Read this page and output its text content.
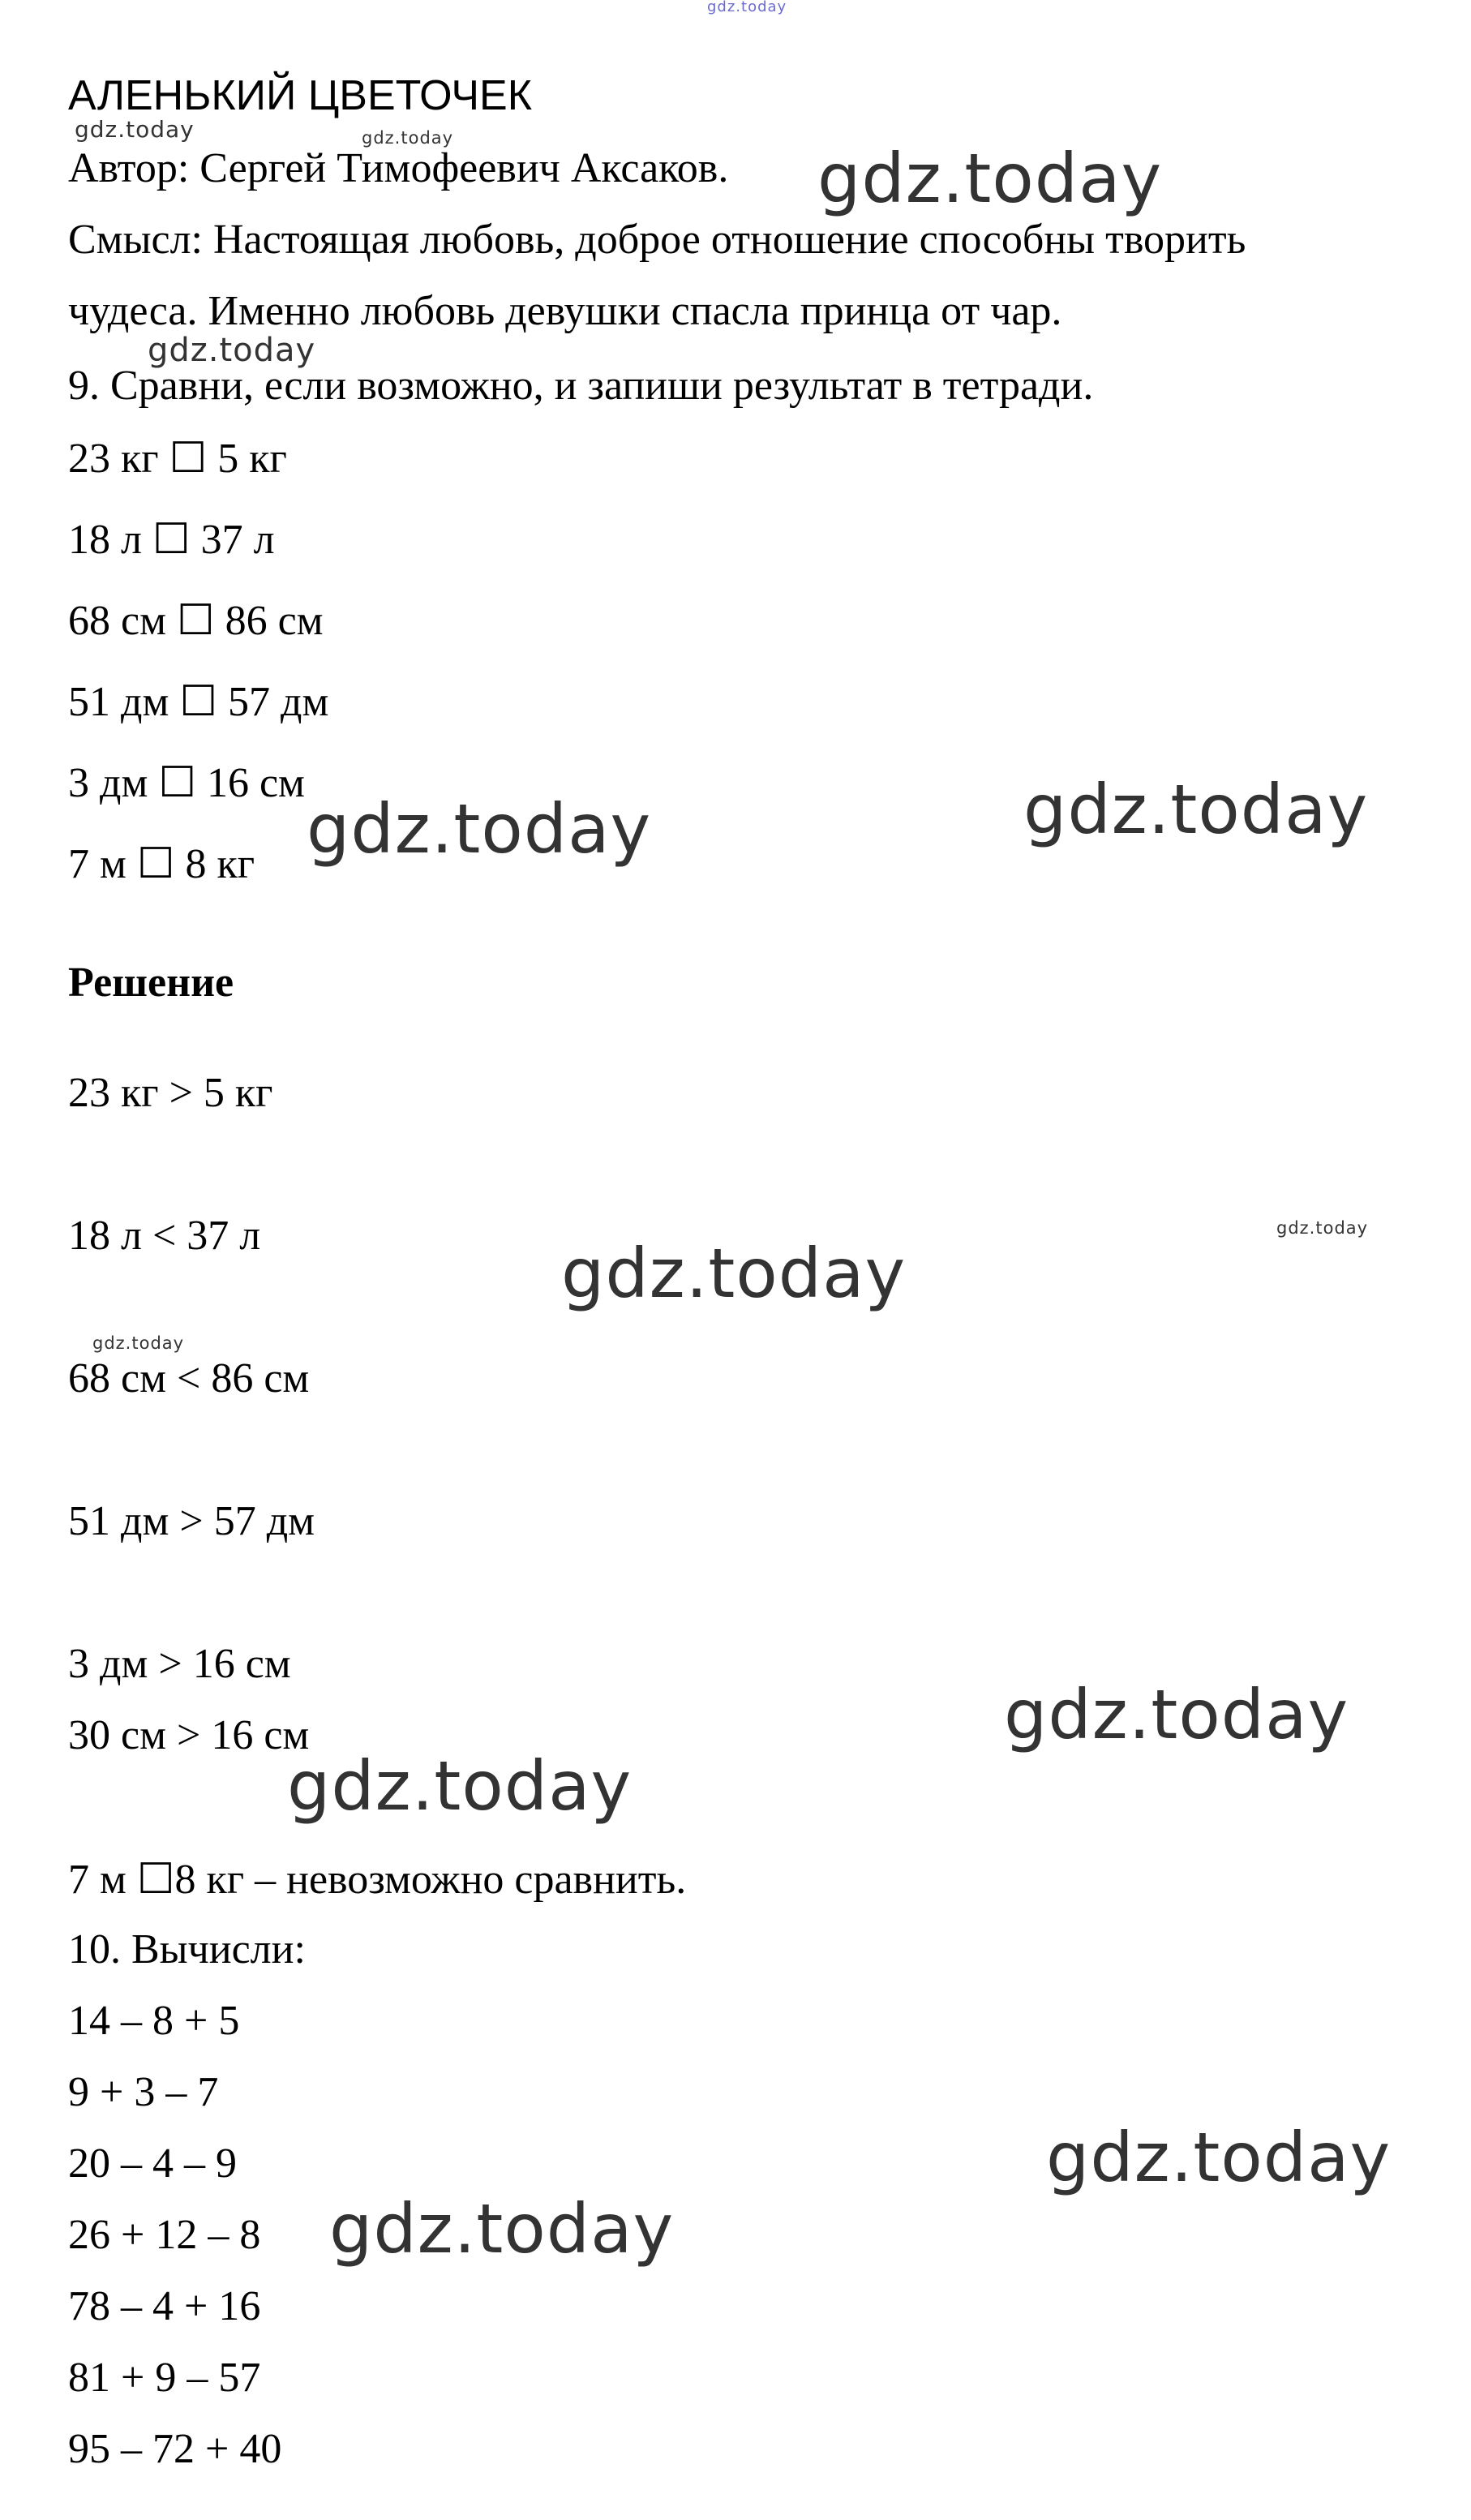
gdz.today
gdz.today	gdz.today
gdz.today
gdz.today
gdz.today	gdz.today
gdz.today
gdz.today
gdz.today
gdz.today
gdz.today
gdz.today
gdz.today
АЛЕНЬКИЙ ЦВЕТОЧЕК
Автор: Сергей Тимофеевич Аксаков.
Смысл: Настоящая любовь, доброе отношение способны творить
чудеса. Именно любовь девушки спасла принца от чар.
9. Сравни, если возможно, и запиши результат в тетради.
23 кг ☐ 5 кг
18 л ☐ 37 л
68 см ☐ 86 см
51 дм ☐ 57 дм
3 дм ☐ 16 см
7 м ☐ 8 кг
Решение
23 кг > 5 кг
18 л < 37 л
68 см < 86 см
51 дм > 57 дм
3 дм > 16 см
30 см > 16 см
7 м ☐8 кг – невозможно сравнить.
10. Вычисли:
14 – 8 + 5
9 + 3 – 7
20 – 4 – 9
26 + 12 – 8
78 – 4 + 16
81 + 9 – 57
95 – 72 + 40
